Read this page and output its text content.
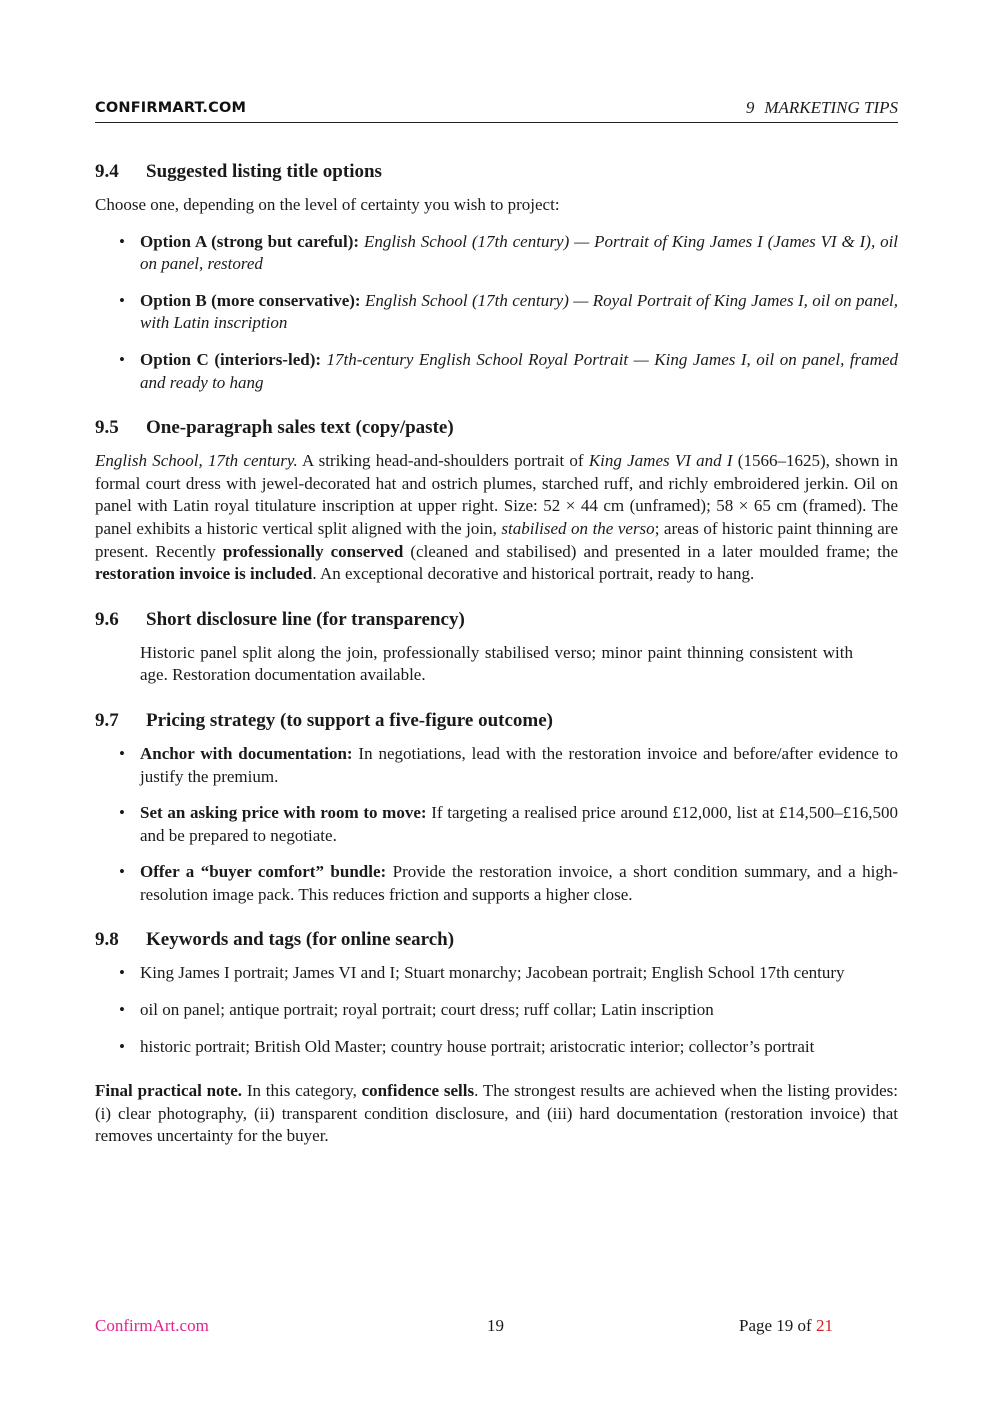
CONFIRMART.COM	9 MARKETING TIPS
9.4 Suggested listing title options

Choose one, depending on the level of certainty you wish to project:

• Option A (strong but careful): English School (17th century) — Portrait of King James I (James VI & I), oil on panel, restored
• Option B (more conservative): English School (17th century) — Royal Portrait of King James I, oil on panel, with Latin inscription
• Option C (interiors-led): 17th-century English School Royal Portrait — King James I, oil on panel, framed and ready to hang
9.5 One-paragraph sales text (copy/paste)

English School, 17th century. A striking head-and-shoulders portrait of King James VI and I (1566–1625), shown in formal court dress with jewel-decorated hat and ostrich plumes, starched ruff, and richly embroidered jerkin. Oil on panel with Latin royal titulature inscription at upper right. Size: 52 × 44 cm (unframed); 58 × 65 cm (framed). The panel exhibits a historic vertical split aligned with the join, stabilised on the verso; areas of historic paint thinning are present. Recently professionally conserved (cleaned and stabilised) and presented in a later moulded frame; the restoration invoice is included. An exceptional decorative and historical portrait, ready to hang.

9.6 Short disclosure line (for transparency)

Historic panel split along the join, professionally stabilised verso; minor paint thinning consistent with age. Restoration documentation available.

9.7 Pricing strategy (to support a five-figure outcome)
• Anchor with documentation: In negotiations, lead with the restoration invoice and before/after evidence to justify the premium.
• Set an asking price with room to move: If targeting a realised price around £12,000, list at £14,500–£16,500 and be prepared to negotiate.
• Offer a “buyer comfort” bundle: Provide the restoration invoice, a short condition summary, and a high-resolution image pack. This reduces friction and supports a higher close.
9.8 Keywords and tags (for online search)
• King James I portrait; James VI and I; Stuart monarchy; Jacobean portrait; English School 17th century
• oil on panel; antique portrait; royal portrait; court dress; ruff collar; Latin inscription
• historic portrait; British Old Master; country house portrait; aristocratic interior; collector’s portrait

Final practical note. In this category, confidence sells. The strongest results are achieved when the listing provides: (i) clear photography, (ii) transparent condition disclosure, and (iii) hard documentation (restoration invoice) that removes uncertainty for the buyer.

ConfirmArt.com	19	Page 19 of 21
